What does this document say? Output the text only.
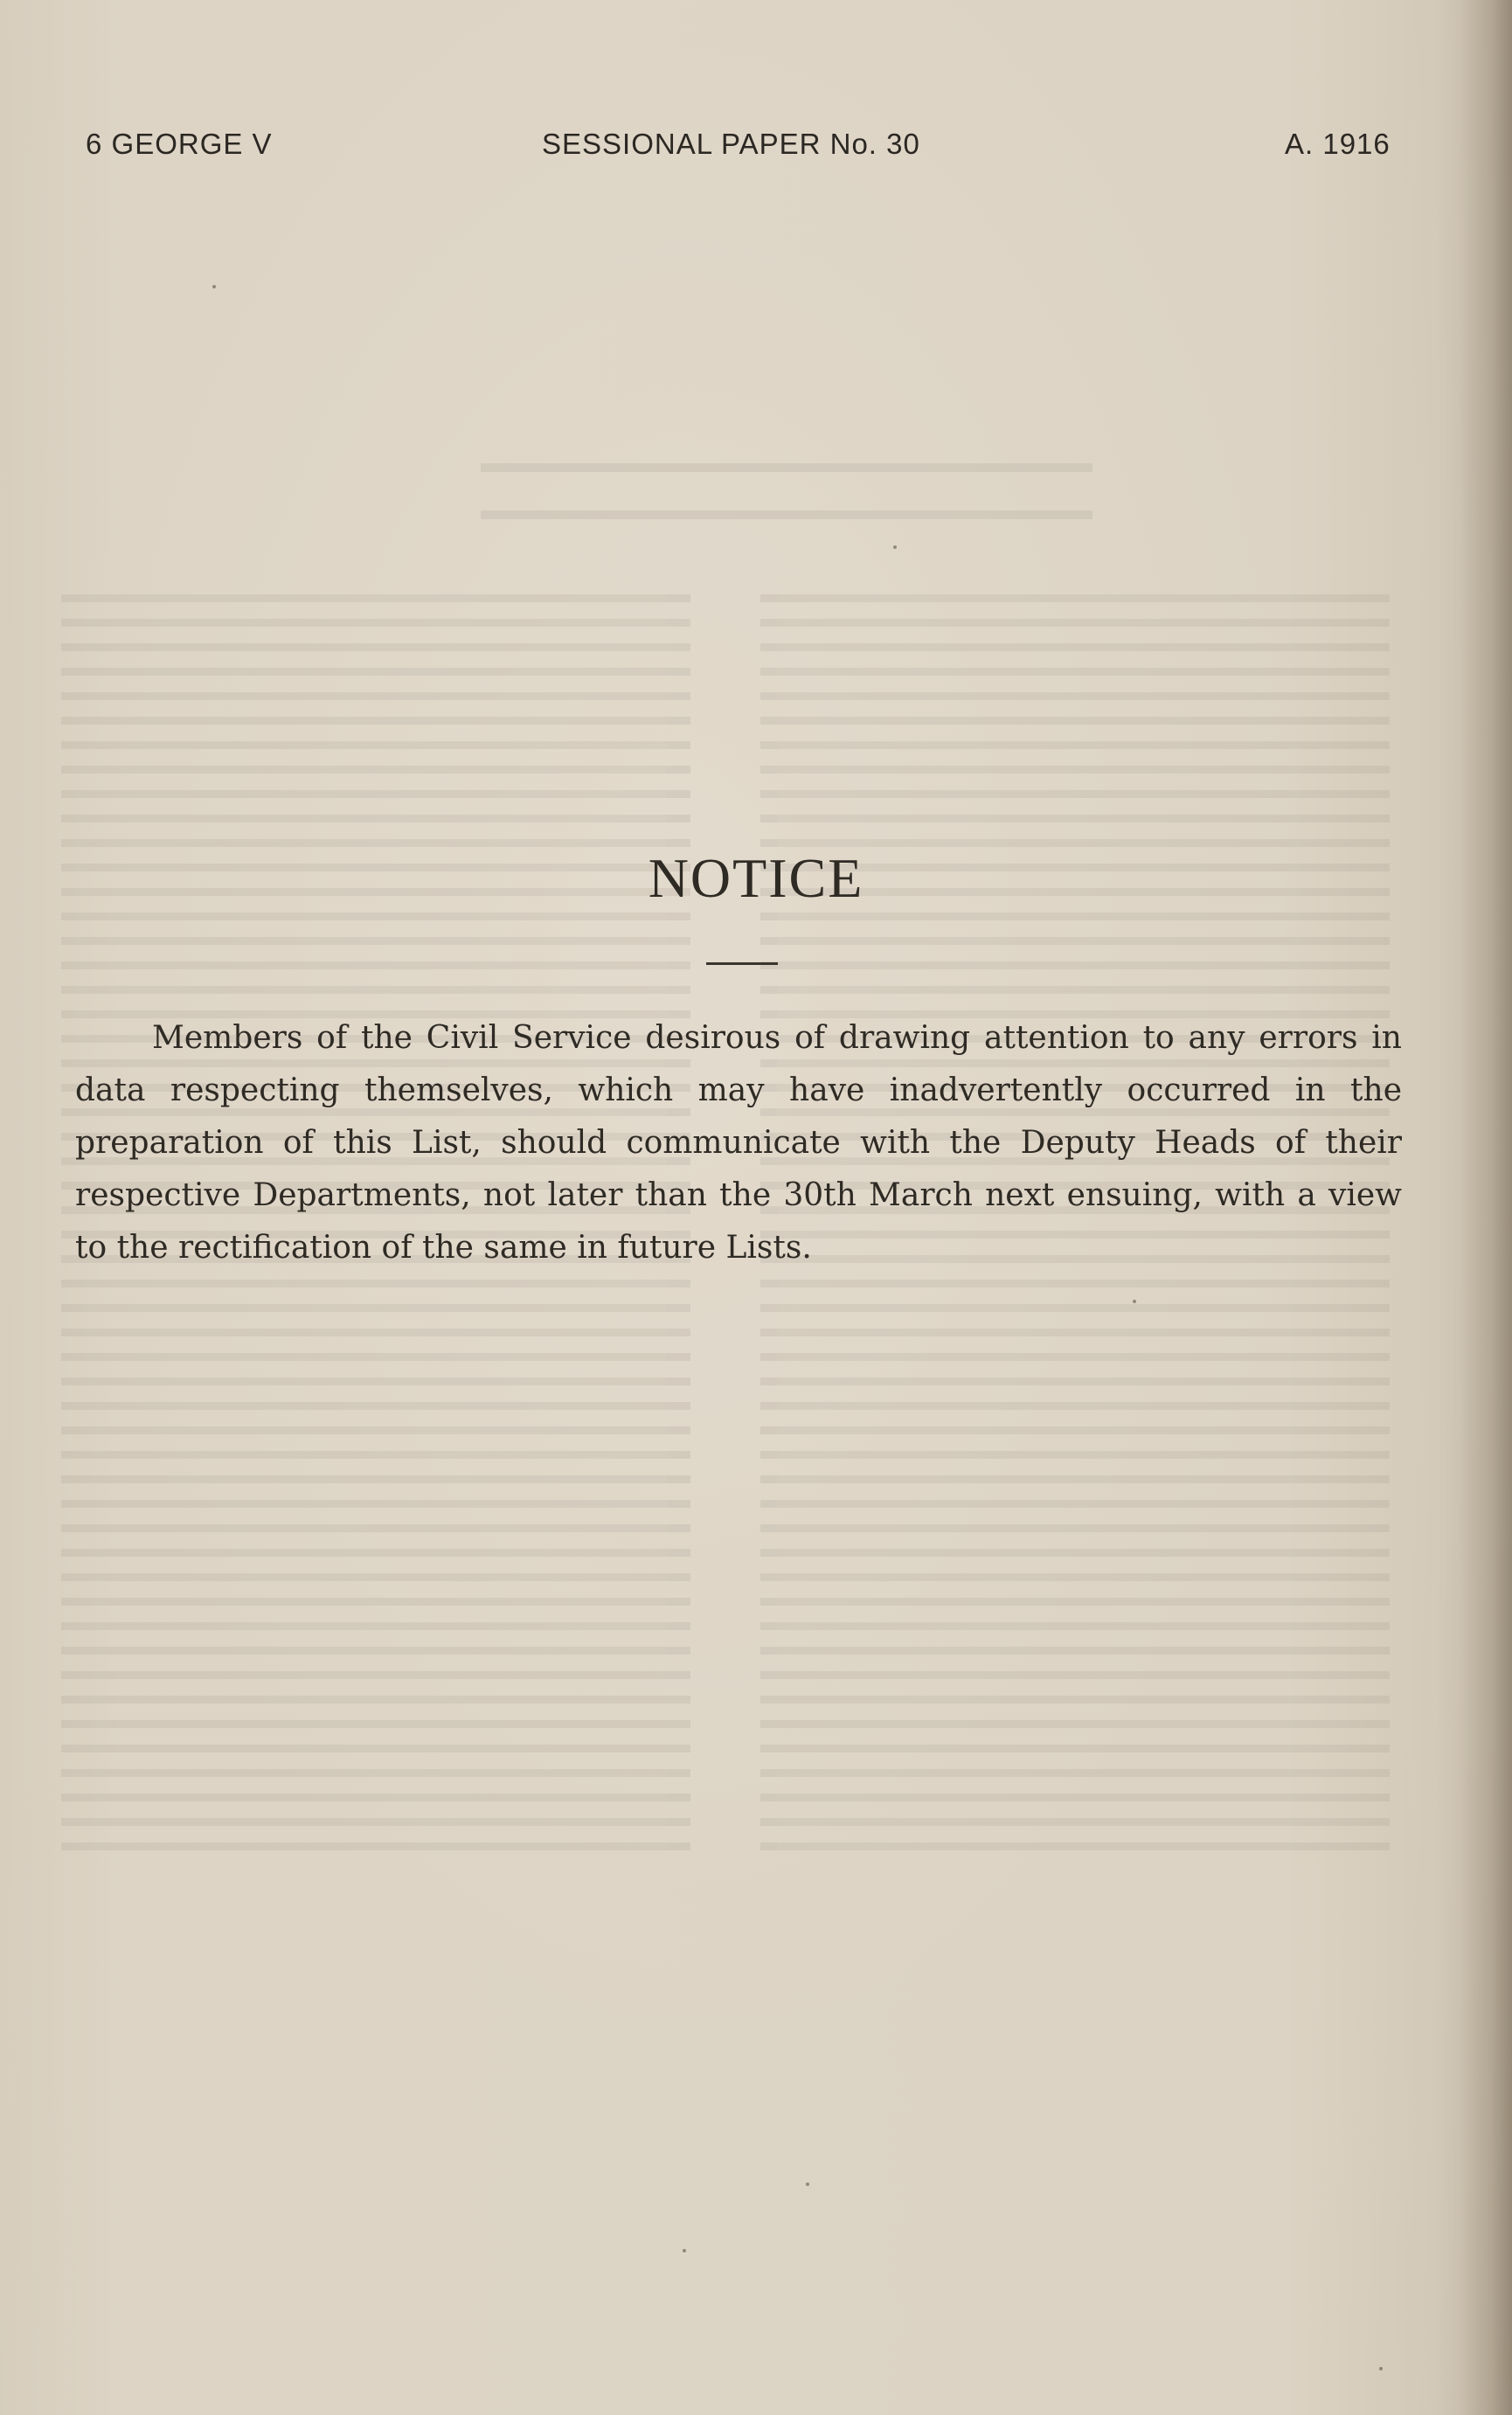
6 GEORGE V	SESSIONAL PAPER No. 30	A. 1916
NOTICE

Members of the Civil Service desirous of drawing attention to any errors in data respecting themselves, which may have inadvertently occurred in the preparation of this List, should communicate with the Deputy Heads of their respective Departments, not later than the 30th March next ensuing, with a view to the rectification of the same in future Lists.
